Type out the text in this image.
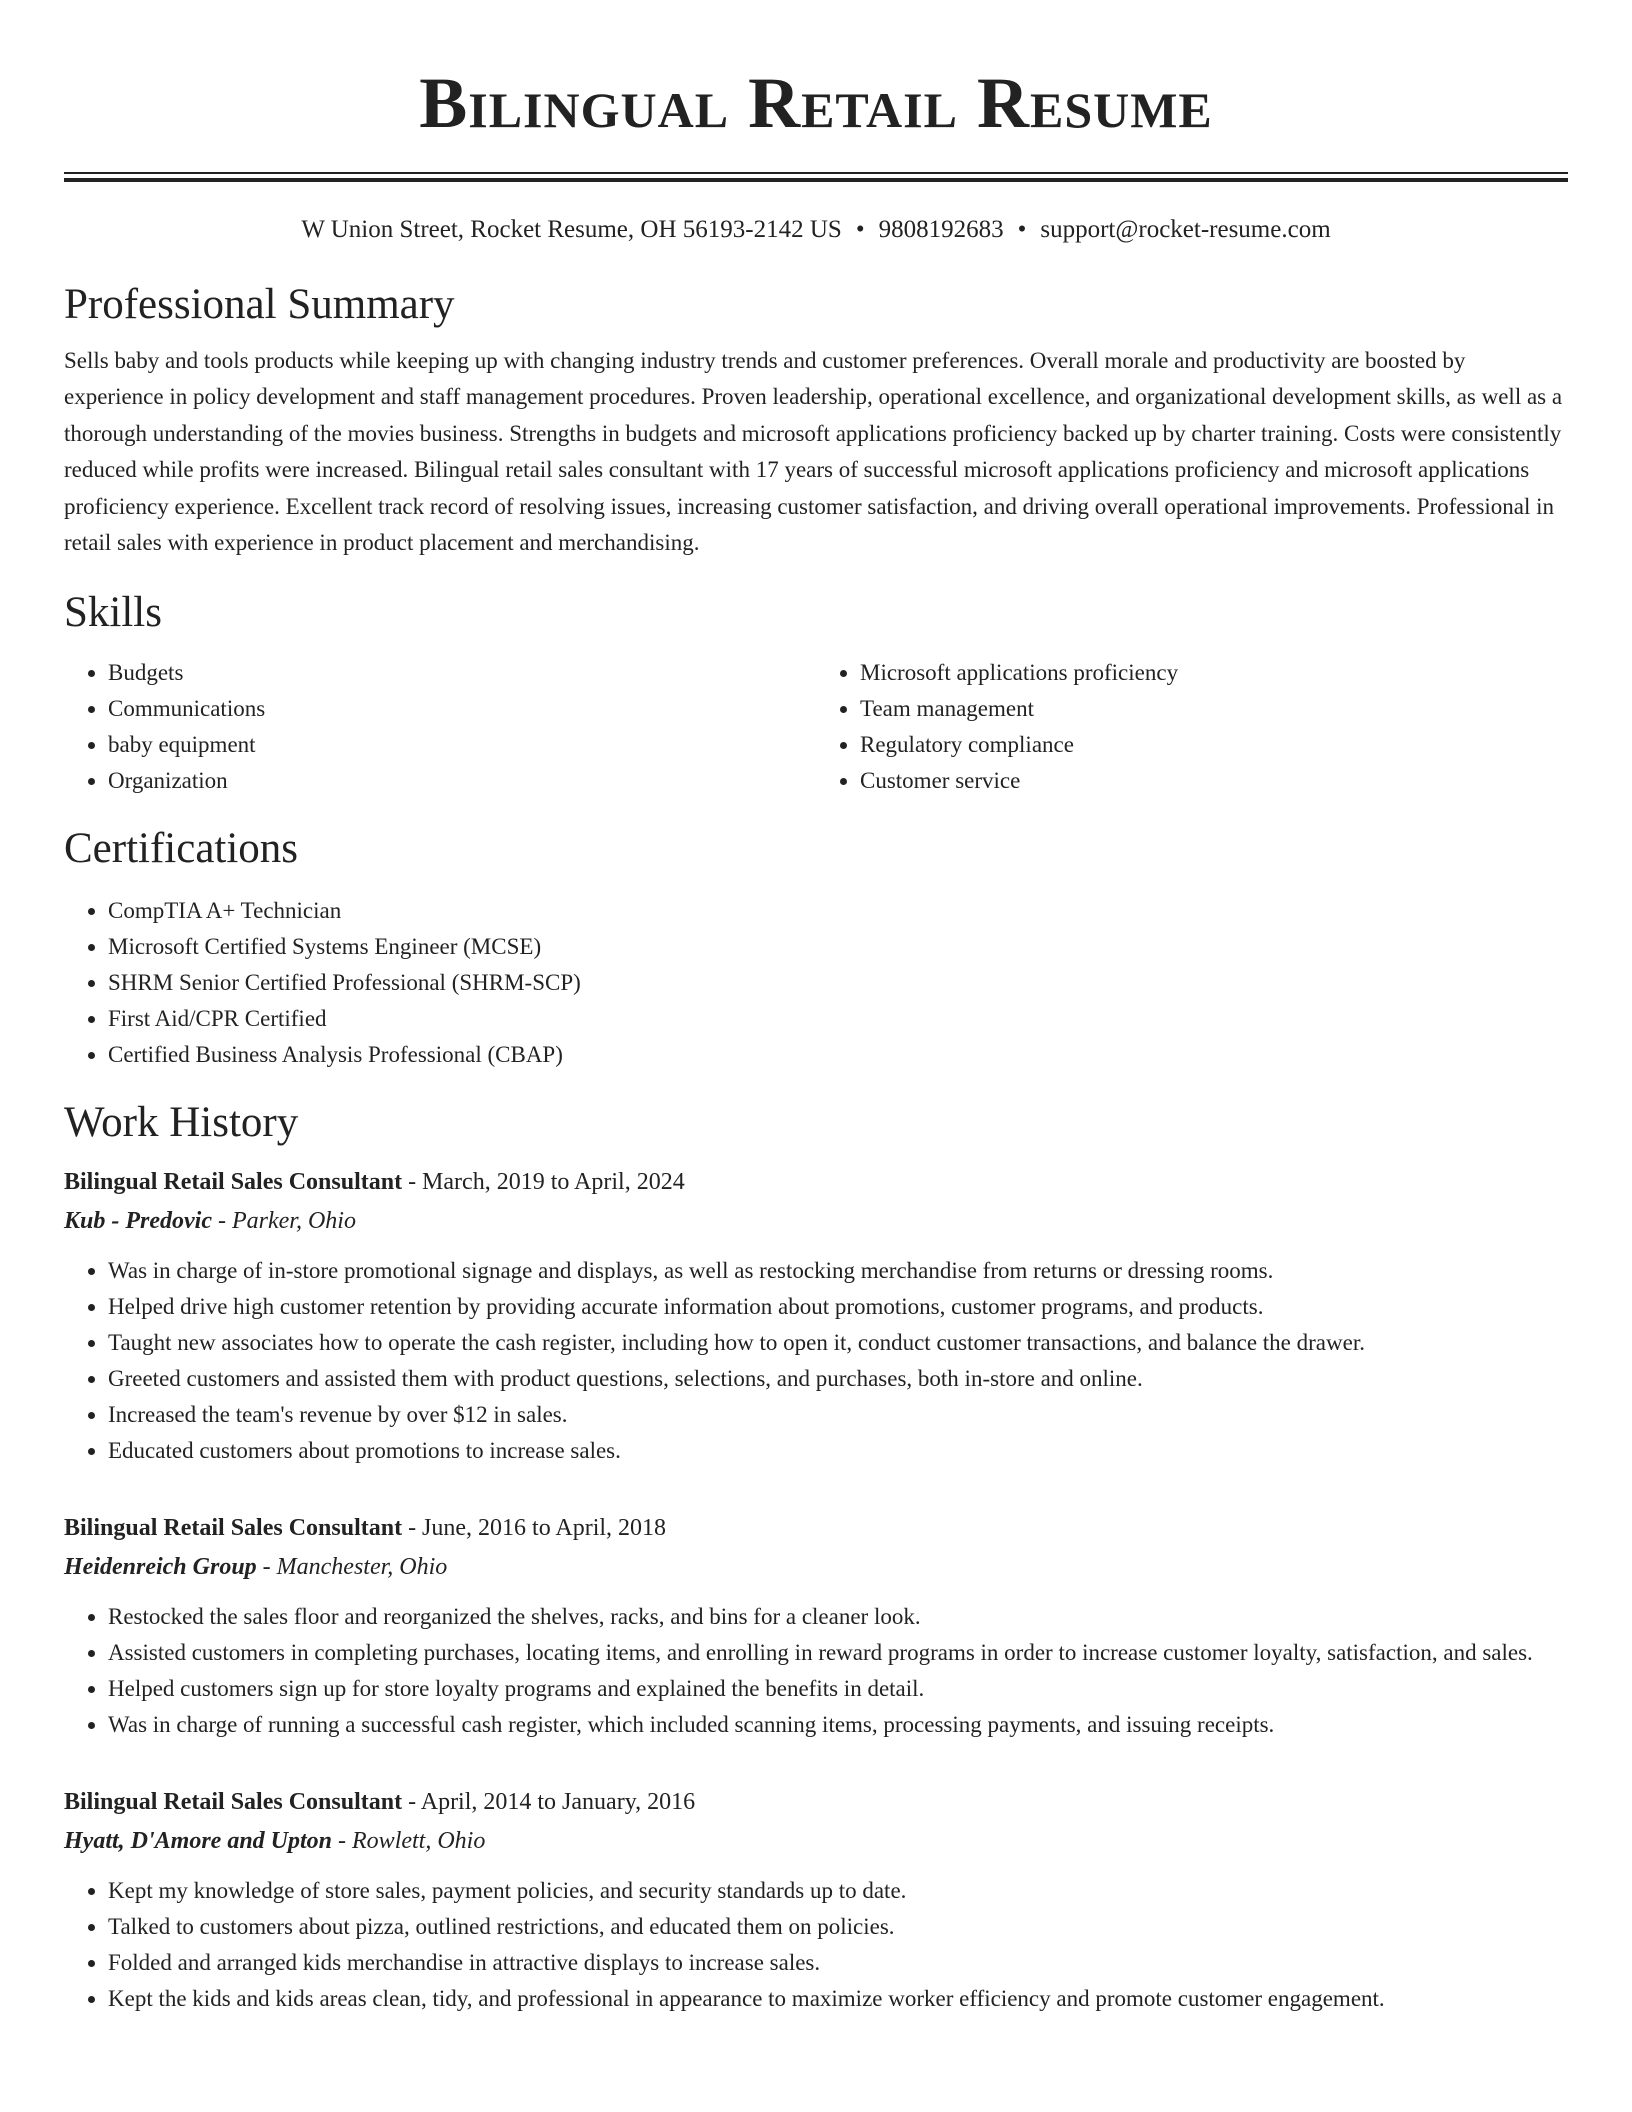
Bilingual Retail Resume
W Union Street, Rocket Resume, OH 56193-2142 US • 9808192683 • support@rocket-resume.com
Professional Summary

Sells baby and tools products while keeping up with changing industry trends and customer preferences. Overall morale and productivity are boosted by experience in policy development and staff management procedures. Proven leadership, operational excellence, and organizational development skills, as well as a thorough understanding of the movies business. Strengths in budgets and microsoft applications proficiency backed up by charter training. Costs were consistently reduced while profits were increased. Bilingual retail sales consultant with 17 years of successful microsoft applications proficiency and microsoft applications proficiency experience. Excellent track record of resolving issues, increasing customer satisfaction, and driving overall operational improvements. Professional in retail sales with experience in product placement and merchandising.

Skills
• Budgets
• Communications
• baby equipment
• Organization
• Microsoft applications proficiency
• Team management
• Regulatory compliance
• Customer service
Certifications
• CompTIA A+ Technician
• Microsoft Certified Systems Engineer (MCSE)
• SHRM Senior Certified Professional (SHRM-SCP)
• First Aid/CPR Certified
• Certified Business Analysis Professional (CBAP)
Work History
Bilingual Retail Sales Consultant - March, 2019 to April, 2024
Kub - Predovic - Parker, Ohio
• Was in charge of in-store promotional signage and displays, as well as restocking merchandise from returns or dressing rooms.
• Helped drive high customer retention by providing accurate information about promotions, customer programs, and products.
• Taught new associates how to operate the cash register, including how to open it, conduct customer transactions, and balance the drawer.
• Greeted customers and assisted them with product questions, selections, and purchases, both in-store and online.
• Increased the team's revenue by over $12 in sales.
• Educated customers about promotions to increase sales.
Bilingual Retail Sales Consultant - June, 2016 to April, 2018
Heidenreich Group - Manchester, Ohio
• Restocked the sales floor and reorganized the shelves, racks, and bins for a cleaner look.
• Assisted customers in completing purchases, locating items, and enrolling in reward programs in order to increase customer loyalty, satisfaction, and sales.
• Helped customers sign up for store loyalty programs and explained the benefits in detail.
• Was in charge of running a successful cash register, which included scanning items, processing payments, and issuing receipts.
Bilingual Retail Sales Consultant - April, 2014 to January, 2016
Hyatt, D'Amore and Upton - Rowlett, Ohio
• Kept my knowledge of store sales, payment policies, and security standards up to date.
• Talked to customers about pizza, outlined restrictions, and educated them on policies.
• Folded and arranged kids merchandise in attractive displays to increase sales.
• Kept the kids and kids areas clean, tidy, and professional in appearance to maximize worker efficiency and promote customer engagement.
